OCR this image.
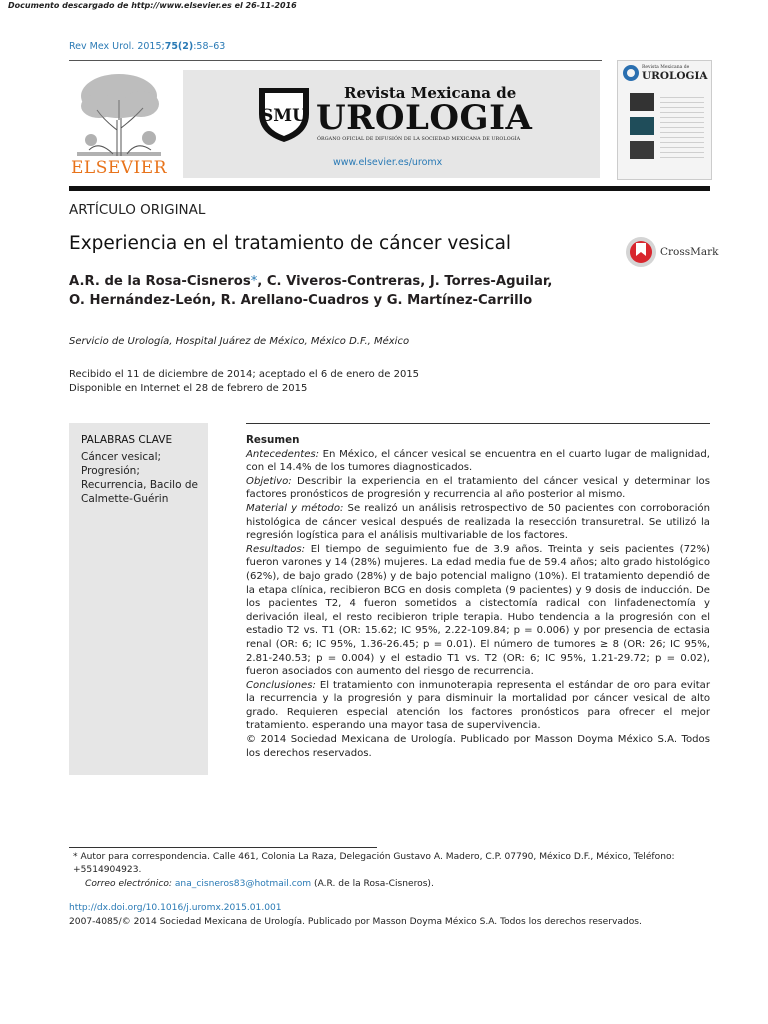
Documento descargado de http://www.elsevier.es el 26-11-2016
Rev Mex Urol. 2015;75(2):58–63
ELSEVIER
SMU
Revista Mexicana de
UROLOGIA
ÓRGANO OFICIAL DE DIFUSIÓN DE LA SOCIEDAD MEXICANA DE UROLOGÍA
www.elsevier.es/uromx
Revista Mexicana de
UROLOGIA
ARTÍCULO ORIGINAL
Experiencia en el tratamiento de cáncer vesical	CrossMark
A.R. de la Rosa-Cisneros*, C. Viveros-Contreras, J. Torres-Aguilar,
O. Hernández-León, R. Arellano-Cuadros y G. Martínez-Carrillo
Servicio de Urología, Hospital Juárez de México, México D.F., México
Recibido el 11 de diciembre de 2014; aceptado el 6 de enero de 2015
Disponible en Internet el 28 de febrero de 2015
PALABRAS CLAVE
Cáncer vesical; Progresión; Recurrencia, Bacilo de Calmette-Guérin
Resumen
Antecedentes: En México, el cáncer vesical se encuentra en el cuarto lugar de malignidad, con el 14.4% de los tumores diagnosticados.
Objetivo: Describir la experiencia en el tratamiento del cáncer vesical y determinar los factores pronósticos de progresión y recurrencia al año posterior al mismo.
Material y método: Se realizó un análisis retrospectivo de 50 pacientes con corroboración histológica de cáncer vesical después de realizada la resección transuretral. Se utilizó la regresión logística para el análisis multivariable de los factores.
Resultados: El tiempo de seguimiento fue de 3.9 años. Treinta y seis pacientes (72%) fueron varones y 14 (28%) mujeres. La edad media fue de 59.4 años; alto grado histológico (62%), de bajo grado (28%) y de bajo potencial maligno (10%). El tratamiento dependió de la etapa clínica, recibieron BCG en dosis completa (9 pacientes) y 9 dosis de inducción. De los pacientes T2, 4 fueron sometidos a cistectomía radical con linfadenectomía y derivación ileal, el resto recibieron triple terapia. Hubo tendencia a la progresión con el estadio T2 vs. T1 (OR: 15.62; IC 95%, 2.22-109.84; p = 0.006) y por presencia de ectasia renal (OR: 6; IC 95%, 1.36-26.45; p = 0.01). El número de tumores ≥ 8 (OR: 26; IC 95%, 2.81-240.53; p = 0.004) y el estadio T1 vs. T2 (OR: 6; IC 95%, 1.21-29.72; p = 0.02), fueron asociados con aumento del riesgo de recurrencia.
Conclusiones: El tratamiento con inmunoterapia representa el estándar de oro para evitar la recurrencia y la progresión y para disminuir la mortalidad por cáncer vesical de alto grado. Requieren especial atención los factores pronósticos para ofrecer el mejor tratamiento. esperando una mayor tasa de supervivencia.
© 2014 Sociedad Mexicana de Urología. Publicado por Masson Doyma México S.A. Todos los derechos reservados.
* Autor para correspondencia. Calle 461, Colonia La Raza, Delegación Gustavo A. Madero, C.P. 07790, México D.F., México, Teléfono: +5514904923.
Correo electrónico: ana_cisneros83@hotmail.com (A.R. de la Rosa-Cisneros).
http://dx.doi.org/10.1016/j.uromx.2015.01.001
2007-4085/© 2014 Sociedad Mexicana de Urología. Publicado por Masson Doyma México S.A. Todos los derechos reservados.
